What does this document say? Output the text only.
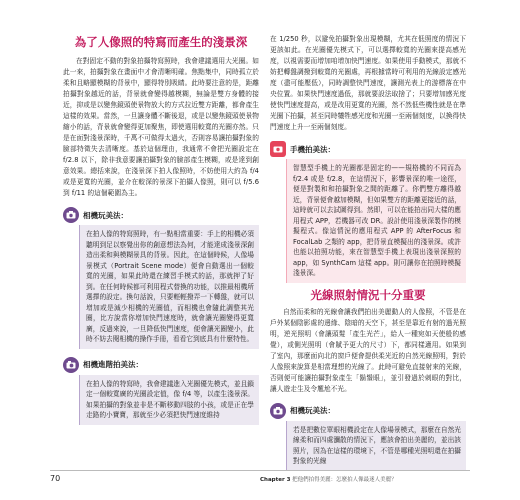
為了人像照的特寫而產生的淺景深

在對固定不動的對象拍攝特寫照時，我會建議選用大光圈。如此一來，拍攝對象在畫面中才會清晰明確。焦點集中，同時孤立於柔和且略顯模糊的背景中，顯得特別吸睛。此時要注意的是，距離拍攝對象越近的話，背景就會變得越模糊，無論是雙方身體的接近，抑或是以變焦鏡頭使景物放大的方式拉近雙方距離，都會產生這樣的效果。當然，一旦讓身體不斷後退，或是以變焦鏡頭使景物縮小的話，背景就會變得更加聚焦，即使選用較寬的光圈亦然。只是在面對淺景深時，千萬不可做得太過火，否則容易讓拍攝對象的臉部特徵失去清晰度。基於這個理由，我通常不會把光圈設定在 f/2.8 以下，除非我意要讓拍攝對象的臉部產生模糊，或是達到創意效果。總括來說，在淺景深下拍人像照時，不妨使用大約為 f/4 或是更寬的光圈，並介在較深的景深下拍攝人像照，則可以 f/5.6 到 f/11 的這個範圍為主。

相機玩美法：
在拍人像的特寫照時，有一點相當重要：手上的相機必須聽明到足以察覺出你的創意想法為何，才能達成淺景深創造出柔和與模糊景具的背景。因此，在這個時候，人像場景模式（Portrait Scene mode）便會自動選出一個較寬的光圈，如果此時還在練習手模式的話，那就押了好到。在任何時候都可利用程式替換的功能，以推最相機所選擇的設定。換句話說，只要輕輕撥弄一下轉盤，就可以增加或是減少相機的光圈值，而相機也會隨此調整其光圈，比方說當你增加快門速度時，就會讓光圈變得更寬廣，反過來說，一旦降低快門速度，便會讓光圈變小，此時不妨去閱相機的操作手冊，看看它到底具有什麼特性。
相機進階拍美法：
在拍人像的特寫時，我會建議進入光圈優先模式，並且鎖定一個較寬廣的光圈設定值，像 f/4 等，以產生淺景深。如果拍攝的對象並非是不斷移動四肢的小孩，或是正在學走路的小寶寶，那就至少必須把快門速度維持

在 1/250 秒，以避免拍攝對象出現模糊，尤其在低照度的情況下更該如此。在光圈優先模式下，可以選擇較寬的光圈來提高感光度，以視需要而增加咱增加快門速度。如果使用手動模式，那就不妨把轉盤調撥到較寬的光圈處，再根據當時可利用的光線設定感光度（盡可能壓低），同時調整快門速度，讓測光表上的游標落在中央位置。如果快門速度過低，那就要設法取捨了；只要增加感光度使快門速度提高，或是改用更寬的光圈，然不然低些機性就是在準光圈下拍攝，甚至同時犧牲感光度和光圈一至兩個刻度，以換得快門速度上升一至兩個刻度。

手機拍美法：
智慧型手機上的光圈都是固定的——規格機的不同而為 f/2.4 或是 f/2.8，在這情況下，影響景深的唯一途徑，便是對製和和拍攝對象之間的距離了。你們雙方離得越近，背景便會越加模糊，但如果雙方的距離更接近的話，這時就可以去試圖得到。然即，可以在能拍出同大樣的應用程式 APP，若機器可改 DR。設計使用淺景深製作的模擬程式。像這情況的應用程式 APP 的 AfterFocus 和 FocalLab 之類的 app，把背景直模擬出的淺景深。或許也能以拍照功能，來在智慧型手機上表現出淺景深照的 app，如 SynthCam 這樣 app。則可讓你在拍照時模擬淺景深。
光線照射情況十分重要

自然而柔和的光線會讓我們拍出美麗動人的人像照，不管是在戶外某個陰影處的邊緣、陰暗的天空下，甚至是靠近有射的過光照明，逆光照明（會讓頭髮「產生光芒」，給人一種宛如天使般的感覺），或側光照明（會賦予更大的尺寸）下，都同樣適用。如果到了室內，那麼面向北的窗戶便會提供柔光近的自然光線照明，對於人像照來說算是相當理想的光線了。此時可避免直接射來的光線，否則便可能讓拍攝對象產生「鬍鬚眼」，並引發過於刺眼的對比，讓人遊走生及令尷尬不光。

相機玩美法：
若是把數位單眼相機設定在人像場景模式，那麼在自然光線柔和而四處瀰散的情況下，應該會拍出美麗的，並出該照片，因為在這樣的環境下，不管是哪種光照明還在拍攝對象的光線
70	Chapter 3 把他們拍得美麗：怎麼拍人像最迷人美麗？
